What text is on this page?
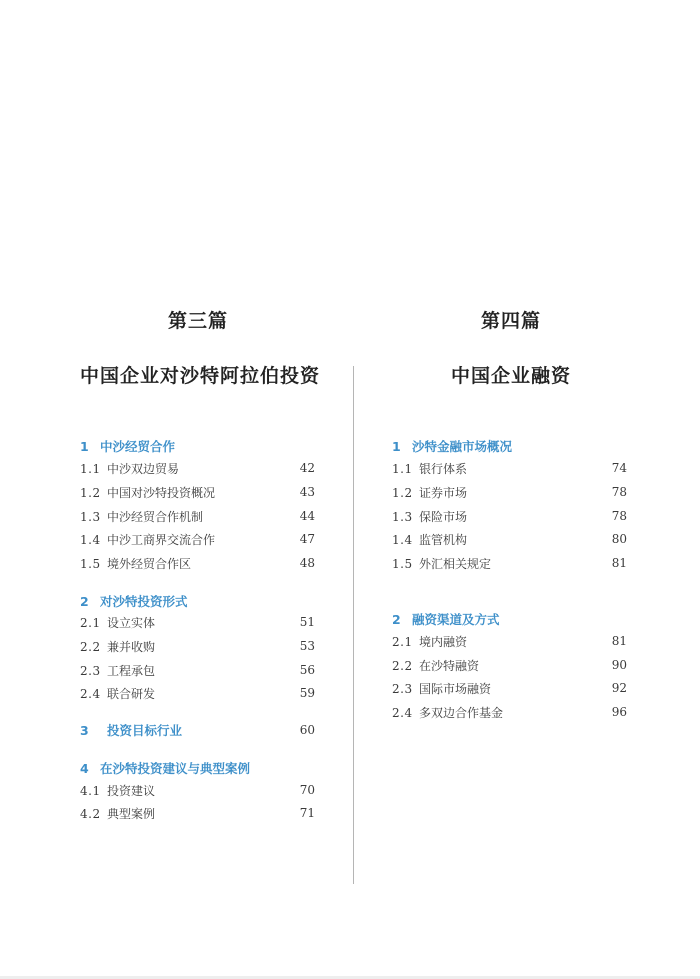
第三篇
中国企业对沙特阿拉伯投资
第四篇
中国企业融资
1 中沙经贸合作
1.1 中沙双边贸易	42
1.2 中国对沙特投资概况	43
1.3 中沙经贸合作机制	44
1.4 中沙工商界交流合作	47
1.5 境外经贸合作区	48
2 对沙特投资形式
2.1 设立实体	51
2.2 兼并收购	53
2.3 工程承包	56
2.4 联合研发	59
3 投资目标行业	60
4 在沙特投资建议与典型案例
4.1 投资建议	70
4.2 典型案例	71
1 沙特金融市场概况
1.1 银行体系	74
1.2 证券市场	78
1.3 保险市场	78
1.4 监管机构	80
1.5 外汇相关规定	81
2 融资渠道及方式
2.1 境内融资	81
2.2 在沙特融资	90
2.3 国际市场融资	92
2.4 多双边合作基金	96
